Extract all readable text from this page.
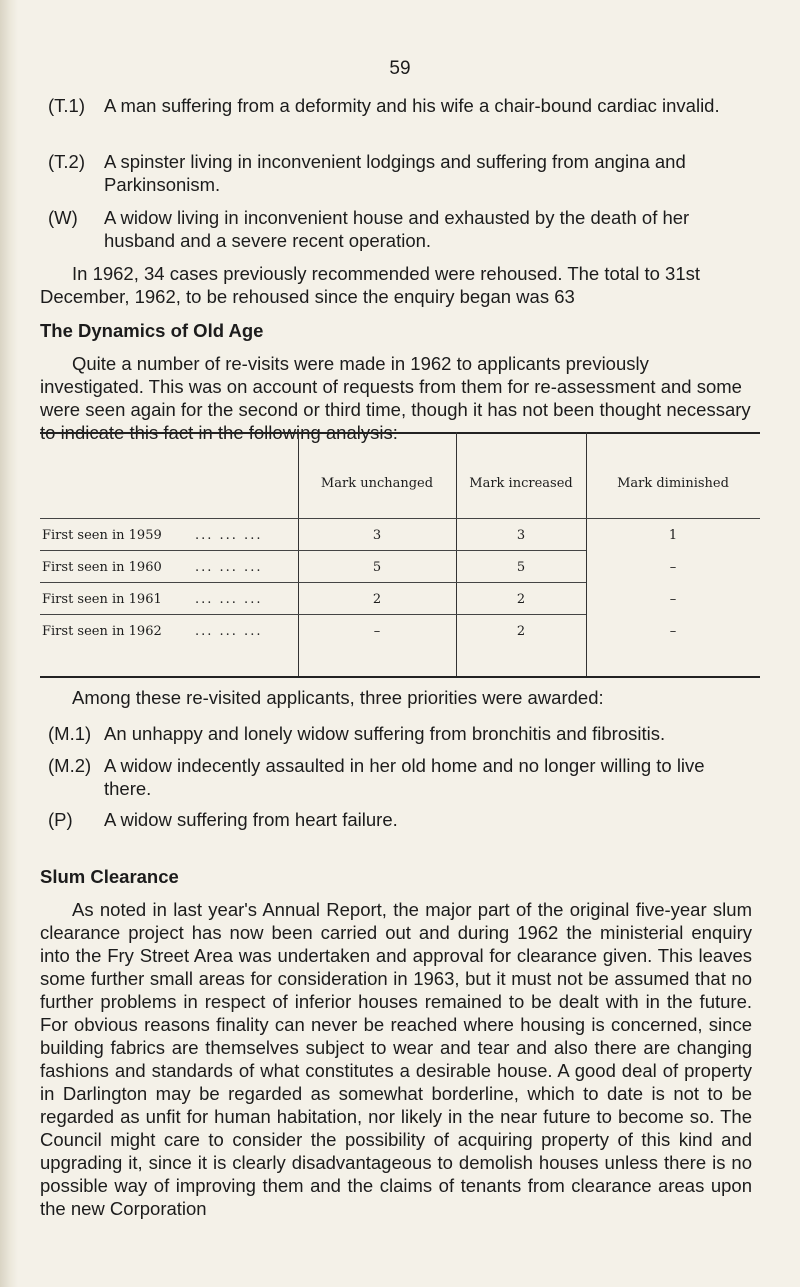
59
(T.1) A man suffering from a deformity and his wife a chair-bound cardiac invalid.
(T.2) A spinster living in inconvenient lodgings and suffering from angina and Parkinsonism.
(W) A widow living in inconvenient house and exhausted by the death of her husband and a severe recent operation.
In 1962, 34 cases previously recommended were rehoused. The total to 31st December, 1962, to be rehoused since the enquiry began was 63
The Dynamics of Old Age
Quite a number of re-visits were made in 1962 to applicants previously investigated. This was on account of requests from them for re-assessment and some were seen again for the second or third time, though it has not been thought necessary to indicate this fact in the following analysis:
Mark unchanged	Mark increased	Mark diminished
First seen in 1959	... ... ...	3	3	1
First seen in 1960	... ... ...	5	5	–
First seen in 1961	... ... ...	2	2	–
First seen in 1962	... ... ...	–	2	–
Among these re-visited applicants, three priorities were awarded:
(M.1) An unhappy and lonely widow suffering from bronchitis and fibrositis.
(M.2) A widow indecently assaulted in her old home and no longer willing to live there.
(P) A widow suffering from heart failure.
Slum Clearance
As noted in last year's Annual Report, the major part of the original five-year slum clearance project has now been carried out and during 1962 the ministerial enquiry into the Fry Street Area was undertaken and approval for clearance given. This leaves some further small areas for consideration in 1963, but it must not be assumed that no further problems in respect of inferior houses remained to be dealt with in the future. For obvious reasons finality can never be reached where housing is concerned, since building fabrics are themselves subject to wear and tear and also there are changing fashions and standards of what constitutes a desirable house. A good deal of property in Darlington may be regarded as somewhat borderline, which to date is not to be regarded as unfit for human habitation, nor likely in the near future to become so. The Council might care to consider the possibility of acquiring property of this kind and upgrading it, since it is clearly disadvantageous to demolish houses unless there is no possible way of improving them and the claims of tenants from clearance areas upon the new Corporation
